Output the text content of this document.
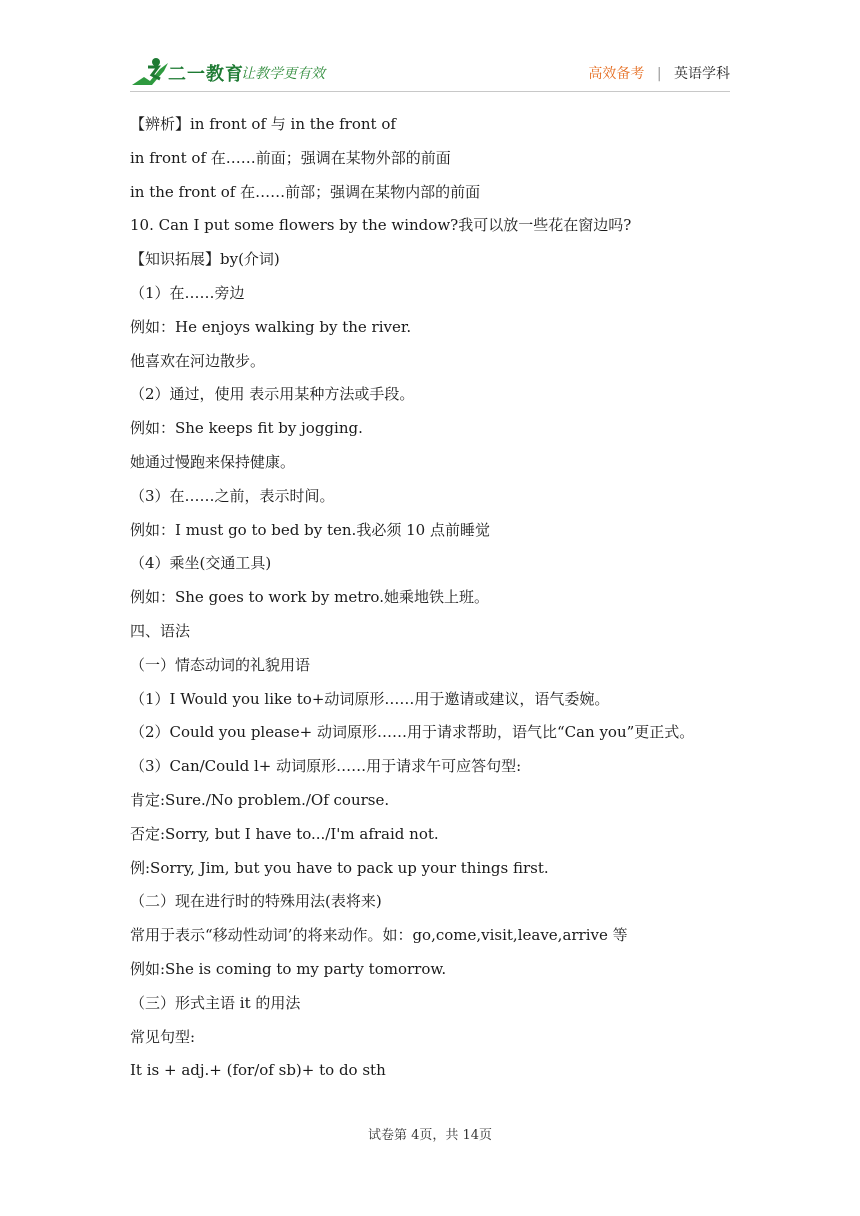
二一教育
让教学更有效	高效备考 | 英语学科
【辨析】in front of 与 in the front of
in front of 在……前面；强调在某物外部的前面
in the front of 在……前部；强调在某物内部的前面
10. Can I put some flowers by the window?我可以放一些花在窗边吗?
【知识拓展】by(介词)
（1）在……旁边
例如：He enjoys walking by the river.
他喜欢在河边散步。
（2）通过，使用 表示用某种方法或手段。
例如：She keeps fit by jogging.
她通过慢跑来保持健康。
（3）在……之前，表示时间。
例如：I must go to bed by ten.我必须 10 点前睡觉
（4）乘坐(交通工具)
例如：She goes to work by metro.她乘地铁上班。
四、语法
（一）情态动词的礼貌用语
（1）I Would you like to+动词原形……用于邀请或建议，语气委婉。
（2）Could you please+ 动词原形……用于请求帮助，语气比“Can you”更正式。
（3）Can/Could l+ 动词原形……用于请求午可应答句型:
肯定:Sure./No problem./Of course.
否定:Sorry, but I have to.../I'm afraid not.
例:Sorry, Jim, but you have to pack up your things first.
（二）现在进行时的特殊用法(表将来)
常用于表示“移动性动词’的将来动作。如：go,come,visit,leave,arrive 等
例如:She is coming to my party tomorrow.
（三）形式主语 it 的用法
常见句型:
It is + adj.+ (for/of sb)+ to do sth
试卷第 4页，共 14页
